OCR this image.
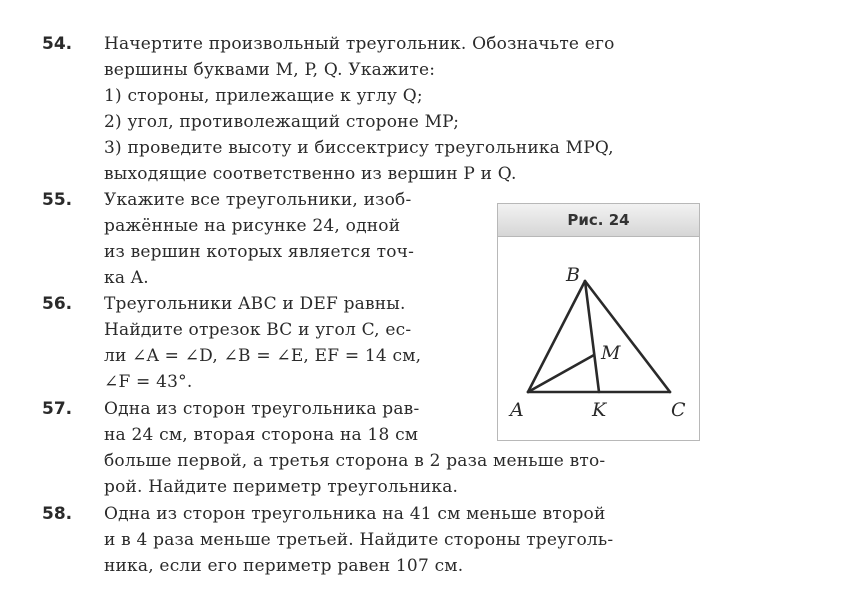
54.	Начертите произвольный треугольник. Обозначьте его
вершины буквами M, P, Q. Укажите:
1) стороны, прилежащие к углу Q;
2) угол, противолежащий стороне MP;
3) проведите высоту и биссектрису треугольника MPQ,
выходящие соответственно из вершин P и Q.
55.	Укажите все треугольники, изоб-
ражённые на рисунке 24, одной
из вершин которых является точ-
ка A.
56.	Треугольники ABC и DEF равны.
Найдите отрезок BC и угол C, ес-
ли ∠A = ∠D, ∠B = ∠E, EF = 14 см,
∠F = 43°.
57.	Одна из сторон треугольника рав-
на 24 см, вторая сторона на 18 см
больше первой, а третья сторона в 2 раза меньше вто-
рой. Найдите периметр треугольника.
58.	Одна из сторон треугольника на 41 см меньше второй
и в 4 раза меньше третьей. Найдите стороны треуголь-
ника, если его периметр равен 107 см.
Рис. 24
B
A	K	C
M
